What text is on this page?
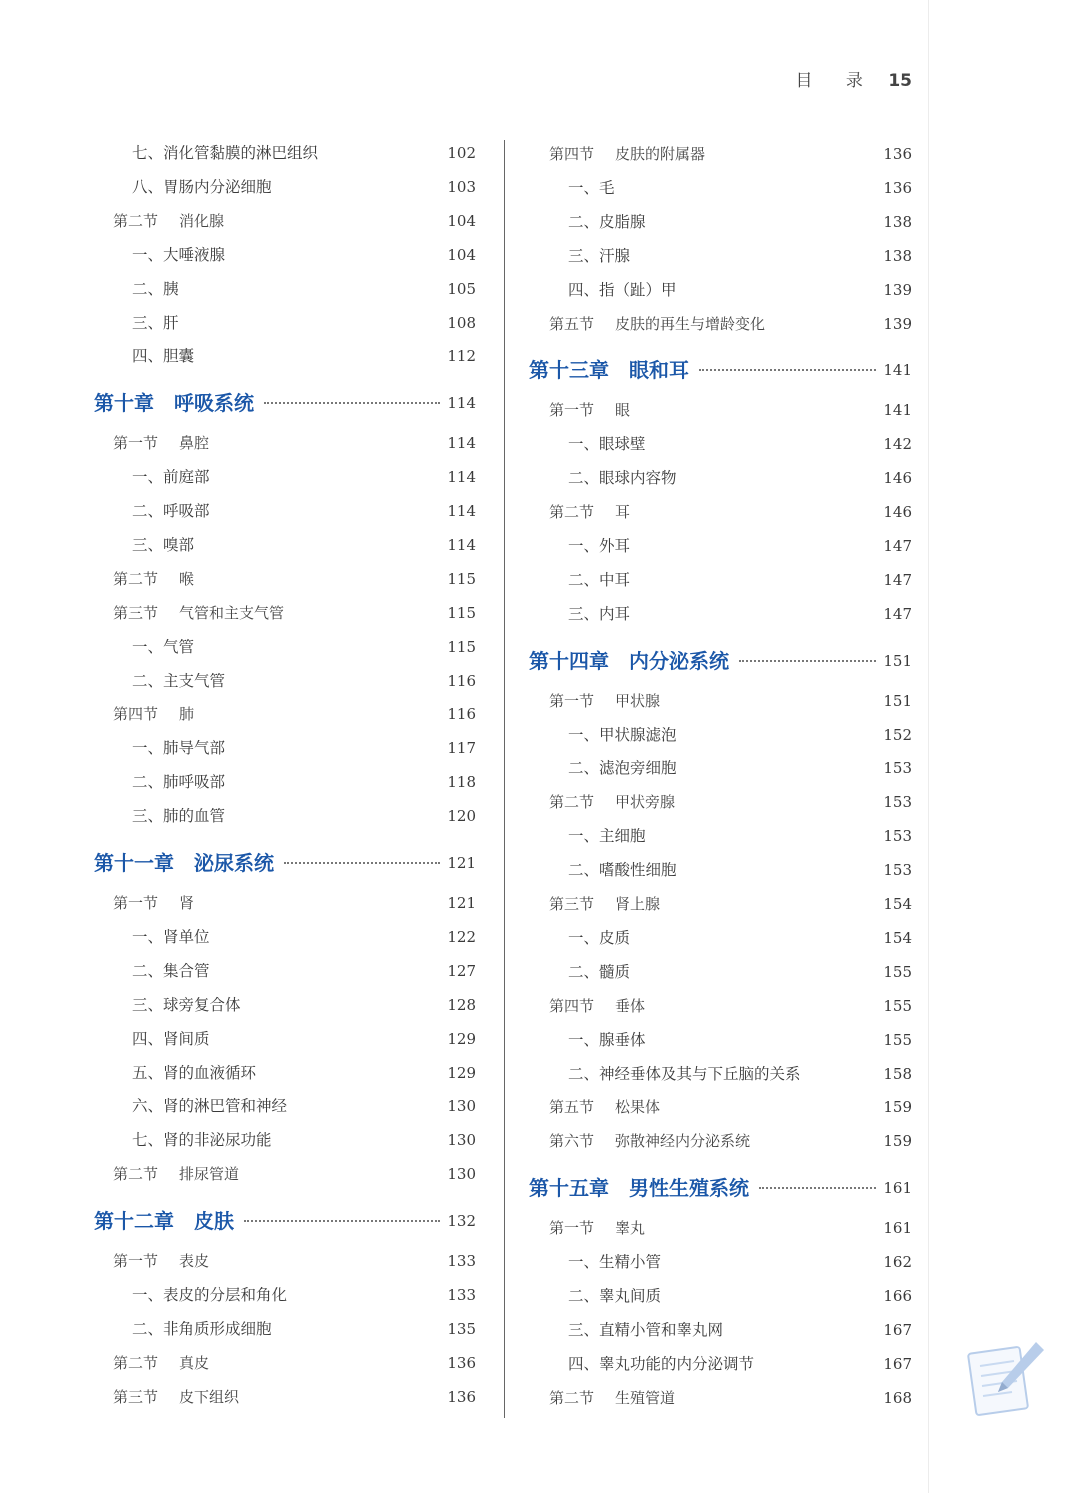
目 录 15
七、消化管黏膜的淋巴组织	102
八、胃肠内分泌细胞	103
第二节 消化腺	104
一、大唾液腺	104
二、胰	105
三、肝	108
四、胆囊	112
第十章 呼吸系统	114
第一节 鼻腔	114
一、前庭部	114
二、呼吸部	114
三、嗅部	114
第二节 喉	115
第三节 气管和主支气管	115
一、气管	115
二、主支气管	116
第四节 肺	116
一、肺导气部	117
二、肺呼吸部	118
三、肺的血管	120
第十一章 泌尿系统	121
第一节 肾	121
一、肾单位	122
二、集合管	127
三、球旁复合体	128
四、肾间质	129
五、肾的血液循环	129
六、肾的淋巴管和神经	130
七、肾的非泌尿功能	130
第二节 排尿管道	130
第十二章 皮肤	132
第一节 表皮	133
一、表皮的分层和角化	133
二、非角质形成细胞	135
第二节 真皮	136
第三节 皮下组织	136
第四节 皮肤的附属器	136
一、毛	136
二、皮脂腺	138
三、汗腺	138
四、指（趾）甲	139
第五节 皮肤的再生与增龄变化	139
第十三章 眼和耳	141
第一节 眼	141
一、眼球壁	142
二、眼球内容物	146
第二节 耳	146
一、外耳	147
二、中耳	147
三、内耳	147
第十四章 内分泌系统	151
第一节 甲状腺	151
一、甲状腺滤泡	152
二、滤泡旁细胞	153
第二节 甲状旁腺	153
一、主细胞	153
二、嗜酸性细胞	153
第三节 肾上腺	154
一、皮质	154
二、髓质	155
第四节 垂体	155
一、腺垂体	155
二、神经垂体及其与下丘脑的关系	158
第五节 松果体	159
第六节 弥散神经内分泌系统	159
第十五章 男性生殖系统	161
第一节 睾丸	161
一、生精小管	162
二、睾丸间质	166
三、直精小管和睾丸网	167
四、睾丸功能的内分泌调节	167
第二节 生殖管道	168
